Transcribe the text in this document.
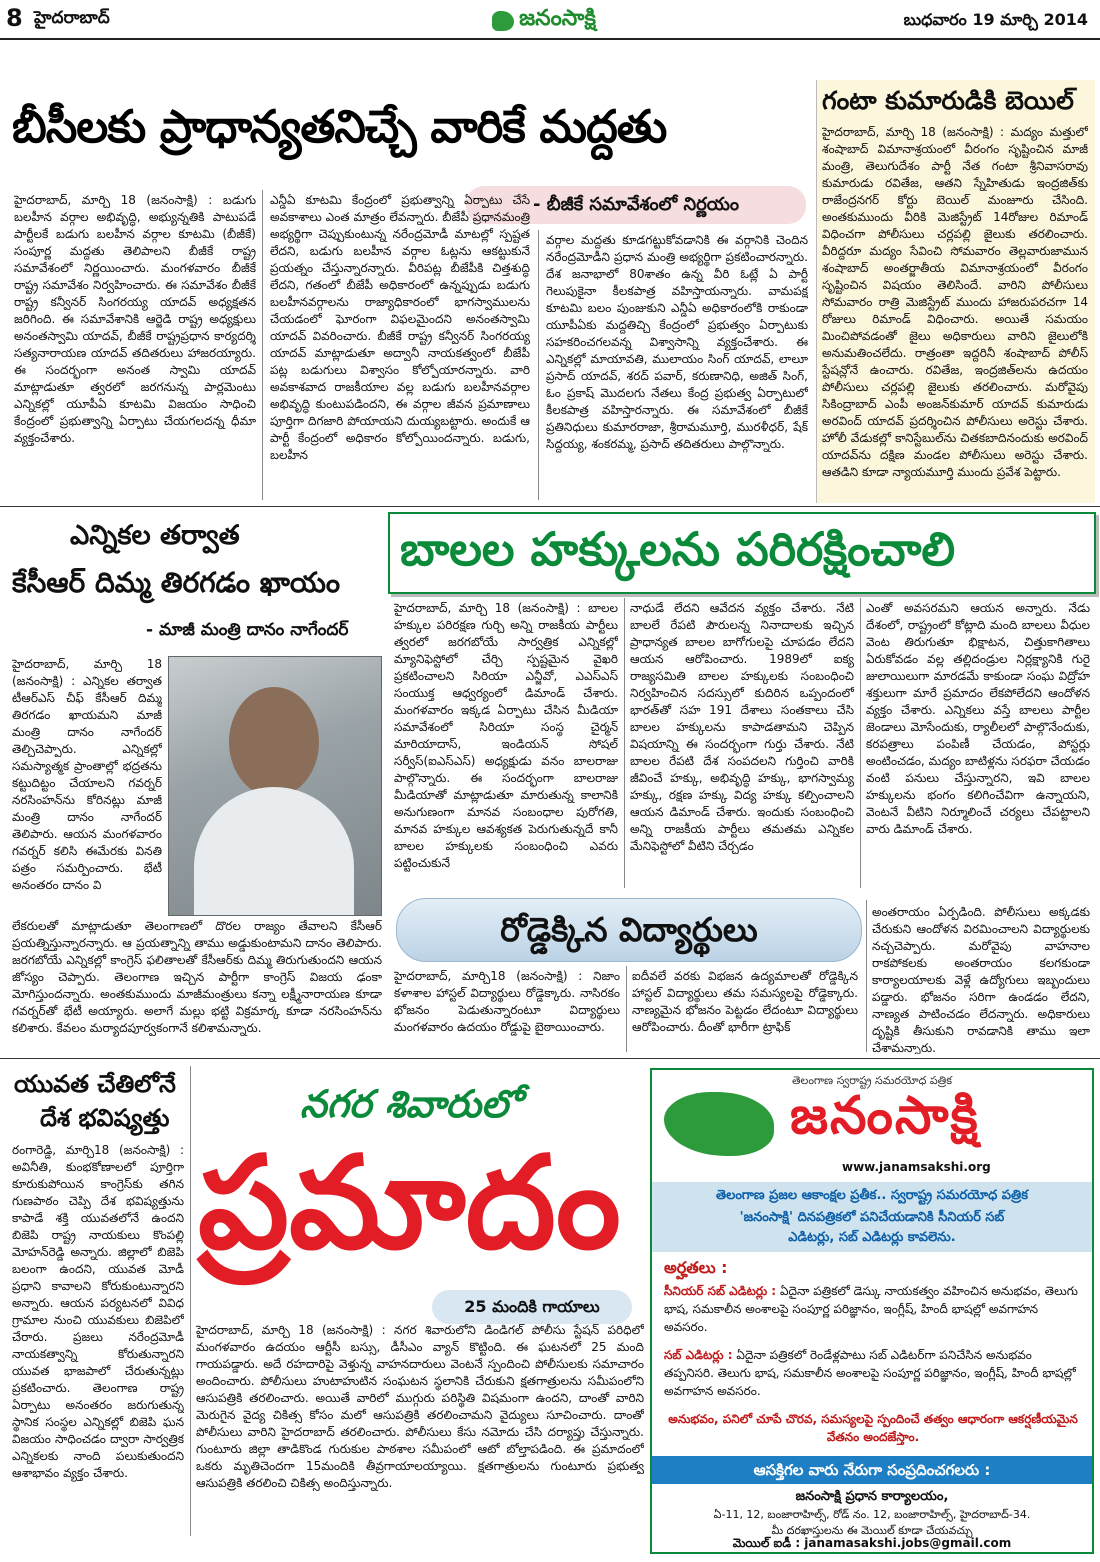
8 హైదరాబాద్	జనంసాక్షి	బుధవారం 19 మార్చి 2014
బీసీలకు ప్రాధాన్యతనిచ్చే వారికే మద్దతు
- బీజీకే సమావేశంలో నిర్ణయం
హైదరాబాద్, మార్చి 18 (జనంసాక్షి) : బడుగు బలహీన వర్గాల అభివృద్ధి, అభ్యున్నతికి పాటుపడే పార్టీలకే బడుగు బలహీన వర్గాల కూటమి (బీజీకే) సంపూర్ణ మద్దతు తెలిపాలని బీజీకే రాష్ట్ర సమావేశంలో నిర్ణయించారు. మంగళవారం బీజీకే రాష్ట్ర సమావేశం నిర్వహించారు. ఈ సమావేశం బీజీకే రాష్ట్ర కన్వీనర్ సింగరయ్య యాదవ్ అధ్యక్షతన జరిగింది. ఈ సమావేశానికి ఆర్జెడి రాష్ట్ర అధ్యక్షులు అనంతస్వామి యాదవ్, బీజీకే రాష్ట్రప్రధాన కార్యదర్శి సత్యనారాయణ యాదవ్ తదితరులు హాజరయ్యారు. ఈ సందర్భంగా అనంత స్వామి యాదవ్ మాట్లాడుతూ త్వరలో జరగనున్న పార్లమెంటు ఎన్నికల్లో యూపీఏ కూటమి విజయం సాధించి కేంద్రంలో ప్రభుత్వాన్ని ఏర్పాటు చేయగలదన్న ధీమా వ్యక్తంచేశారు.
ఎన్డీఏ కూటమి కేంద్రంలో ప్రభుత్వాన్ని ఏర్పాటు చేసే అవకాశాలు ఎంత మాత్రం లేవన్నారు. బీజేపీ ప్రధానమంత్రి అభ్యర్థిగా చెప్పుకుంటున్న నరేంద్రమోడీ మాటల్లో స్పష్టత లేదని, బడుగు బలహీన వర్గాల ఓట్లను ఆకట్టుకునే ప్రయత్నం చేస్తున్నారన్నారు. వీరిపట్ల బీజేపీకి చిత్తశుద్ధి లేదని, గతంలో బీజేపీ అధికారంలో ఉన్నప్పుడు బడుగు బలహీనవర్గాలను రాజ్యాధికారంలో భాగస్వాములను చేయడంలో ఘోరంగా విఫలమైందని అనంతస్వామి యాదవ్ వివరించారు. బీజీకే రాష్ట్ర కన్వీనర్ సింగరయ్య యాదవ్ మాట్లాడుతూ అద్వానీ నాయకత్వంలో బీజేపీ పట్ల బడుగులు విశ్వాసం కోల్పోయారన్నారు. వారి అవకాశవాద రాజకీయాల వల్ల బడుగు బలహీనవర్గాల అభివృద్ధి కుంటుపడిందని, ఈ వర్గాల జీవన ప్రమాణాలు పూర్తిగా దిగజారి పోయాయని దుయ్యబట్టారు. అందుకే ఆ పార్టీ కేంద్రంలో అధికారం కోల్పోయిందన్నారు. బడుగు, బలహీన
వర్గాల మద్దతు కూడగట్టుకోవడానికి ఈ వర్గానికి చెందిన నరేంద్రమోడీని ప్రధాన మంత్రి అభ్యర్థిగా ప్రకటించారన్నారు. దేశ జనాభాలో 80శాతం ఉన్న వీరి ఓట్లే ఏ పార్టీ గెలుపుకైనా కీలకపాత్ర వహిస్తాయన్నారు. వామపక్ష కూటమి బలం పుంజుకుని ఎన్డీఏ అధికారంలోకి రాకుండా యూపీఏకు మద్దతిచ్చి కేంద్రంలో ప్రభుత్వం ఏర్పాటుకు సహకరించగలవన్న విశ్వాసాన్ని వ్యక్తంచేశారు. ఈ ఎన్నికల్లో మాయావతి, ములాయం సింగ్ యాదవ్, లాలూ ప్రసాద్ యాదవ్, శరద్ పవార్, కరుణానిధి, అజిత్ సింగ్, ఓం ప్రకాష్ మొదలగు నేతలు కేంద్ర ప్రభుత్వ ఏర్పాటులో కీలకపాత్ర వహిస్తారన్నారు. ఈ సమావేశంలో బీజీకే ప్రతినిధులు కుమారరాజా, శ్రీరామమూర్తి, మురళీధర్, షేక్ సిద్దయ్య, శంకరమ్మ, ప్రసాద్ తదితరులు పాల్గొన్నారు.
గంటా కుమారుడికి బెయిల్
హైదరాబాద్, మార్చి 18 (జనంసాక్షి) : మద్యం మత్తులో శంషాబాద్ విమానాశ్రయంలో వీరంగం సృష్టించిన మాజీ మంత్రి, తెలుగుదేశం పార్టీ నేత గంటా శ్రీనివాసరావు కుమారుడు రవితేజ, ఆతని స్నేహితుడు ఇంద్రజిత్‌కు రాజేంద్రనగర్ కోర్టు బెయిల్ మంజూరు చేసింది. అంతకుముందు వీరికి మెజిస్ట్రేట్ 14రోజుల రిమాండ్ విధించగా పోలీసులు చర్లపల్లి జైలుకు తరలించారు. వీరిద్దరూ మద్యం సేవించి సోమవారం తెల్లవారుజామున శంషాబాద్ అంతర్జాతీయ విమానాశ్రయంలో వీరంగం సృష్టించిన విషయం తెలిసిందే. వారిని పోలీసులు సోమవారం రాత్రి మెజిస్ట్రేట్ ముందు హాజరుపరచగా 14 రోజులు రిమాండ్ విధించారు. అయితే సమయం మించిపోవడంతో జైలు అధికారులు వారిని జైలులోకి అనుమతించలేదు. రాత్రంతా ఇద్దరినీ శంషాబాద్ పోలీస్ స్టేషన్లోనే ఉంచారు. రవితేజ, ఇంద్రజిత్‌లను ఉదయం పోలీసులు చర్లపల్లి జైలుకు తరలించారు. మరోవైపు సికింద్రాబాద్ ఎంపీ అంజన్‌కుమార్ యాదవ్ కుమారుడు అరవింద్ యాదవ్ ప్రదర్శించిన పోలీసులు అరెస్టు చేశారు. హోలీ వేడుకల్లో కానిస్టేబుల్‌ను చితకబాదినందుకు అరవింద్ యాదవ్‌ను దక్షిణ మండల పోలీసులు అరెస్టు చేశారు. ఆతడిని కూడా న్యాయమూర్తి ముందు ప్రవేశ పెట్టారు.
ఎన్నికల తర్వాత
కేసీఆర్ దిమ్మ తిరగడం ఖాయం
- మాజీ మంత్రి దానం నాగేందర్
హైదరాబాద్, మార్చి 18 (జనంసాక్షి) : ఎన్నికల తర్వాత టీఆర్ఎస్ చీఫ్ కేసీఆర్ దిమ్మ తిరగడం ఖాయమని మాజీ మంత్రి దానం నాగేందర్ తెల్చిచెప్పారు. ఎన్నికల్లో సమస్యాత్మక ప్రాంతాల్లో భద్రతను కట్టుదిట్టం చేయాలని గవర్నర్ నరసింహన్‌ను కోరినట్లు మాజీ మంత్రి దానం నాగేందర్ తెలిపారు. ఆయన మంగళవారం గవర్నర్ కలిసి ఈమేరకు వినతి పత్రం సమర్పించారు. భేటీ అనంతరం దానం వి
లేకరులతో మాట్లాడుతూ తెలంగాణలో దొరల రాజ్యం తేవాలని కేసీఆర్ ప్రయత్నిస్తున్నారన్నారు. ఆ ప్రయత్నాన్ని తాము అడ్డుకుంటామని దానం తెలిపారు. జరగబోయే ఎన్నికల్లో కాంగ్రెస్ ఫలితాలతో కేసీఆర్‌కు దిమ్మ తిరుగుతుందని ఆయన జోస్యం చెప్పారు. తెలంగాణ ఇచ్చిన పార్టీగా కాంగ్రెస్ విజయ ఢంకా మోగిస్తుందన్నారు. అంతకుముందు మాజీమంత్రులు కన్నా లక్ష్మీనారాయణ కూడా గవర్నర్‌తో భేటీ అయ్యారు. అలాగే మల్లు భట్టి విక్రమార్క కూడా నరసింహన్‌ను కలిశారు. కేవలం మర్యాదపూర్వకంగానే కలిశామన్నారు.
బాలల హక్కులను పరిరక్షించాలి
హైదరాబాద్, మార్చి 18 (జనంసాక్షి) : బాలల హక్కుల పరిరక్షణ గుర్చి అన్ని రాజకీయ పార్టీలు త్వరలో జరగబోయే సార్వత్రిక ఎన్నికల్లో మ్యానిఫెస్టోలో చేర్చి స్పష్టమైన వైఖరి ప్రకటించాలని సిరియా ఎన్జీవో, ఎఎస్ఎస్ సంయుక్త ఆధ్వర్యంలో డిమాండ్ చేశారు. మంగళవారం ఇక్కడ ఏర్పాటు చేసిన మీడియా సమావేశంలో సిరియా సంస్థ చైర్మన్ మారియాదాస్, ఇండియన్ సోషల్ సర్వీస్(ఐఎస్ఎస్) అధ్యక్షుడు వనం బాలరాజు పాల్గొన్నారు. ఈ సందర్భంగా బాలరాజు మీడియాతో మాట్లాడుతూ మారుతున్న కాలానికి అనుగుణంగా మానవ సంబంధాల పురోగతి, మానవ హక్కుల ఆవశ్యకత పెరుగుతున్నదే కానీ బాలల హక్కులకు సంబంధించి ఎవరు పట్టించుకునే
నాధుడే లేదని ఆవేదన వ్యక్తం చేశారు. నేటి బాలలే రేపటి పౌరులన్న నినాదాలకు ఇచ్చిన ప్రాధాన్యత బాలల బాగోగులపై చూపడం లేదని ఆయన ఆరోపించారు. 1989లో ఐక్య రాజ్యసమితి బాలల హక్కులకు సంబంధించి నిర్వహించిన సదస్సులో కుదిరిన ఒప్పందంలో భారత్‌తో సహ 191 దేశాలు సంతకాలు చేసి బాలల హక్కులను కాపాడతామని చెప్పిన విషయాన్ని ఈ సందర్భంగా గుర్తు చేశారు. నేటి బాలల రేపటి దేశ సంపదలని గుర్తించి వారికి జీవించే హక్కు, అభివృద్ధి హక్కు, భాగస్వామ్య హక్కు, రక్షణ హక్కు విద్య హక్కు కల్పించాలని ఆయన డిమాండ్ చేశారు. ఇందుకు సంబంధించి అన్ని రాజకీయ పార్టీలు తమతమ ఎన్నికల మేనిఫెస్టోలో వీటిని చేర్చడం
ఎంతో అవసరమని ఆయన అన్నారు. నేడు దేశంలో, రాష్ట్రంలో కోట్లాది మంది బాలలు వీధుల వెంట తిరుగుతూ భిక్షాటన, చిత్తుకాగితాలు ఏరుకోవడం వల్ల తల్లిదండ్రుల నిర్లక్ష్యానికి గురై జులాయిలుగా మారడమే కాకుండా సంఘ విద్రోహ శక్తులుగా మారే ప్రమాదం లేకపోలేదని ఆందోళన వ్యక్తం చేశారు. ఎన్నికలు వస్తే బాలలు పార్టీల జెండాలు మోసేందుకు, ర్యాలీలలో పాల్గొనేందుకు, కరపత్రాలు పంపిణీ చేయడం, పోస్టర్లు అంటించడం, మద్యం బాటిళ్లను సరఫరా చేయడం వంటి పనులు చేస్తున్నారని, ఇవి బాలల హక్కులను భంగం కలిగించేవిగా ఉన్నాయని, వెంటనే వీటిని నిర్మూలించే చర్యలు చేపట్టాలని వారు డిమాండ్ చేశారు.
రోడ్డెక్కిన విద్యార్థులు
హైదరాబాద్, మార్చి18 (జనంసాక్షి) : నిజాం కళాశాల హాస్టల్ విద్యార్థులు రోడ్డెక్కారు. నాసిరకం భోజనం పెడుతున్నారంటూ విద్యార్థులు మంగళవారం ఉదయం రోడ్డుపై బైఠాయించారు.
ఐదీవలే వరకు విభజన ఉద్యమాలతో రోడ్డెక్కిన హాస్టల్ విద్యార్థులు తమ సమస్యలపై రోడ్డెక్కారు. నాణ్యమైన భోజనం పెట్టడం లేదంటూ విద్యార్థులు ఆరోపించారు. దీంతో భారీగా ట్రాఫిక్
అంతరాయం ఏర్పడింది. పోలీసులు అక్కడకు చేరుకుని ఆందోళన విరమించాలని విద్యార్థులకు నచ్చచెప్పారు. మరోవైపు వాహనాల రాకపోకలకు అంతరాయం కలగకుండా కార్యాలయాలకు వెళ్లే ఉద్యోగులు ఇబ్బందులు పడ్డారు. భోజనం సరిగా ఉండడం లేదని, నాణ్యత పాటించడం లేదన్నారు. అధికారులు దృష్టికి తీసుకుని రావడానికి తాము ఇలా చేశామన్నారు.
యువత చేతిలోనే
దేశ భవిష్యత్తు
రంగారెడ్డి, మార్చి18 (జనంసాక్షి) : అవినీతి, కుంభకోణాలలో పూర్తిగా కూరుకుపోయిన కాంగ్రెస్‌కు తగిన గుణపాఠం చెప్పి దేశ భవిష్యత్తును కాపాడే శక్తి యువతలోనే ఉందని బిజెపి రాష్ట్ర నాయకులు కొంపల్లి మోహన్‌రెడ్డి అన్నారు. జిల్లాలో బిజెపి బలంగా ఉందని, యువత మోడీ ప్రధాని కావాలని కోరుకుంటున్నారని అన్నారు. ఆయన పర్యటనలో వివిధ గ్రామాల నుంచి యువకులు బిజెపిలో చేరారు. ప్రజలు నరేంద్రమోడీ నాయకత్వాన్ని కోరుతున్నారని యువత భాజపాలో చేరుతున్నట్లు ప్రకటించారు. తెలంగాణ రాష్ట్ర ఏర్పాటు అనంతరం జరుగుతున్న స్థానిక సంస్థల ఎన్నికల్లో బిజెపి ఘన విజయం సాధించడం ద్వారా సార్వత్రిక ఎన్నికలకు నాంది పలుకుతుందని ఆశాభావం వ్యక్తం చేశారు.
నగర శివారులో
ప్రమాదం
25 మందికి గాయాలు
హైదరాబాద్, మార్చి 18 (జనంసాక్షి) : నగర శివారులోని డిండిగల్ పోలీసు స్టేషన్ పరిధిలో మంగళవారం ఉదయం ఆర్టీసీ బస్సు, డీసీఎం వ్యాన్ కొట్టింది. ఈ ఘటనలో 25 మంది గాయపడ్డారు. అదే రహదారిపై వెళ్తున్న వాహనదారులు వెంటనే స్పందించి పోలీసులకు సమాచారం అందించారు. పోలీసులు హుటాహుటిన సంఘటన స్థలానికి చేరుకుని క్షతగాత్రులను సమీపంలోని ఆసుపత్రికి తరలించారు. అయితే వారిలో ముగ్గురు పరిస్థితి విషమంగా ఉందని, దాంతో వారిని మెరుగైన వైద్య చికిత్స కోసం మలో ఆసుపత్రికి తరలించామని వైద్యులు సూచించారు. దాంతో పోలీసులు వారిని హైదరాబాద్ తరలించారు. పోలీసులు కేసు నమోదు చేసి దర్యాప్తు చేస్తున్నారు. గుంటూరు జిల్లా తాడికొండ గురుకుల పాఠశాల సమీపంలో ఆటో బోల్తాపడింది. ఈ ప్రమాదంలో ఒకరు మృతిచెందగా 15మందికి తీవ్రగాయాలయ్యాయి. క్షతగాత్రులను గుంటూరు ప్రభుత్వ ఆసుపత్రికి తరలించి చికిత్స అందిస్తున్నారు.
తెలంగాణ స్వరాష్ట్ర సమరయోధ పత్రిక
జనంసాక్షి
www.janamsakshi.org
తెలంగాణ ప్రజల ఆకాంక్షల ప్రతీక.. స్వరాష్ట్ర సమరయోధ పత్రిక
'జనంసాక్షి' దినపత్రికలో పనిచేయడానికి సీనియర్ సబ్
ఎడిటర్లు, సబ్ ఎడిటర్లు కావలెను.
అర్హతలు :
సీనియర్ సబ్ ఎడిటర్లు : ఏదైనా పత్రికలో డెస్కు నాయకత్వం వహించిన అనుభవం, తెలుగు భాష, సమకాలీన అంశాలపై సంపూర్ణ పరిజ్ఞానం, ఇంగ్లీష్, హిందీ భాషల్లో అవగాహన అవసరం.
సబ్ ఎడిటర్లు : ఏదైనా పత్రికలో రెండేళ్లపాటు సబ్ ఎడిటర్‌గా పనిచేసిన అనుభవం తప్పనిసరి. తెలుగు భాష, సమకాలీన అంశాలపై సంపూర్ణ పరిజ్ఞానం, ఇంగ్లీష్, హిందీ భాషల్లో అవగాహన అవసరం.
అనుభవం, పనిలో చూపే చొరవ, సమస్యలపై స్పందించే తత్వం ఆధారంగా ఆకర్షణీయమైన వేతనం అందజేస్తాం.
ఆసక్తిగల వారు నేరుగా సంప్రదించగలరు :
జనంసాక్షి ప్రధాన కార్యాలయం,
ఏ-11, 12, బంజారాహిల్స్, రోడ్ నం. 12, బంజారాహిల్స్, హైదరాబాద్-34.
మీ దరఖాస్తులను ఈ మెయిల్ కూడా చేయవచ్చు
మెయిల్ ఐడీ : janamasakshi.jobs@gmail.com
